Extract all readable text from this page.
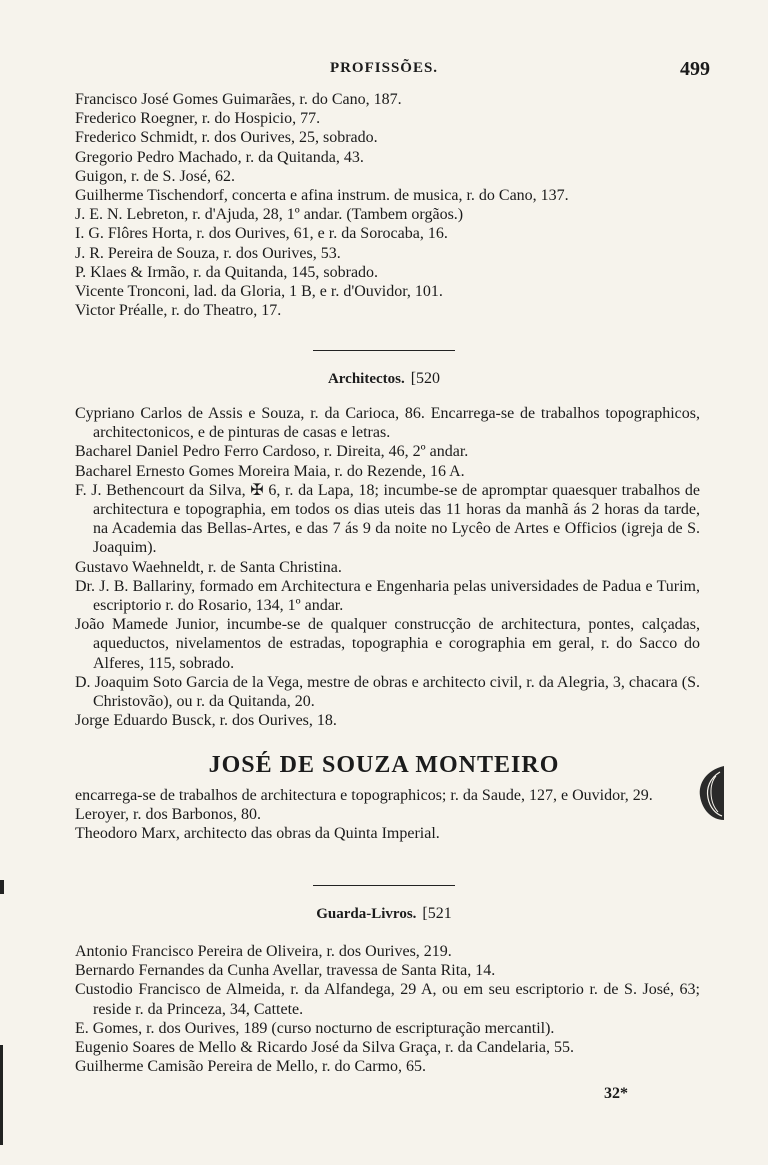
PROFISSÕES.	499
Francisco José Gomes Guimarães, r. do Cano, 187.
Frederico Roegner, r. do Hospicio, 77.
Frederico Schmidt, r. dos Ourives, 25, sobrado.
Gregorio Pedro Machado, r. da Quitanda, 43.
Guigon, r. de S. José, 62.
Guilherme Tischendorf, concerta e afina instrum. de musica, r. do Cano, 137.
J. E. N. Lebreton, r. d'Ajuda, 28, 1º andar. (Tambem orgãos.)
I. G. Flôres Horta, r. dos Ourives, 61, e r. da Sorocaba, 16.
J. R. Pereira de Souza, r. dos Ourives, 53.
P. Klaes & Irmão, r. da Quitanda, 145, sobrado.
Vicente Tronconi, lad. da Gloria, 1 B, e r. d'Ouvidor, 101.
Victor Préalle, r. do Theatro, 17.
Architectos. [520
Cypriano Carlos de Assis e Souza, r. da Carioca, 86. Encarrega-se de trabalhos topographicos, architectonicos, e de pinturas de casas e letras.
Bacharel Daniel Pedro Ferro Cardoso, r. Direita, 46, 2º andar.
Bacharel Ernesto Gomes Moreira Maia, r. do Rezende, 16 A.
F. J. Bethencourt da Silva, ✠ 6, r. da Lapa, 18; incumbe-se de apromptar quaesquer trabalhos de architectura e topographia, em todos os dias uteis das 11 horas da manhã ás 2 horas da tarde, na Academia das Bellas-Artes, e das 7 ás 9 da noite no Lycêo de Artes e Officios (igreja de S. Joaquim).
Gustavo Waehneldt, r. de Santa Christina.
Dr. J. B. Ballariny, formado em Architectura e Engenharia pelas universidades de Padua e Turim, escriptorio r. do Rosario, 134, 1º andar.
João Mamede Junior, incumbe-se de qualquer construcção de architectura, pontes, calçadas, aqueductos, nivelamentos de estradas, topographia e corographia em geral, r. do Sacco do Alferes, 115, sobrado.
D. Joaquim Soto Garcia de la Vega, mestre de obras e architecto civil, r. da Alegria, 3, chacara (S. Christovão), ou r. da Quitanda, 20.
Jorge Eduardo Busck, r. dos Ourives, 18.
JOSÉ DE SOUZA MONTEIRO
encarrega-se de trabalhos de architectura e topographicos; r. da Saude, 127, e Ouvidor, 29.
Leroyer, r. dos Barbonos, 80.
Theodoro Marx, architecto das obras da Quinta Imperial.
Guarda-Livros. [521
Antonio Francisco Pereira de Oliveira, r. dos Ourives, 219.
Bernardo Fernandes da Cunha Avellar, travessa de Santa Rita, 14.
Custodio Francisco de Almeida, r. da Alfandega, 29 A, ou em seu escriptorio r. de S. José, 63; reside r. da Princeza, 34, Cattete.
E. Gomes, r. dos Ourives, 189 (curso nocturno de escripturação mercantil).
Eugenio Soares de Mello & Ricardo José da Silva Graça, r. da Candelaria, 55.
Guilherme Camisão Pereira de Mello, r. do Carmo, 65.
32*
